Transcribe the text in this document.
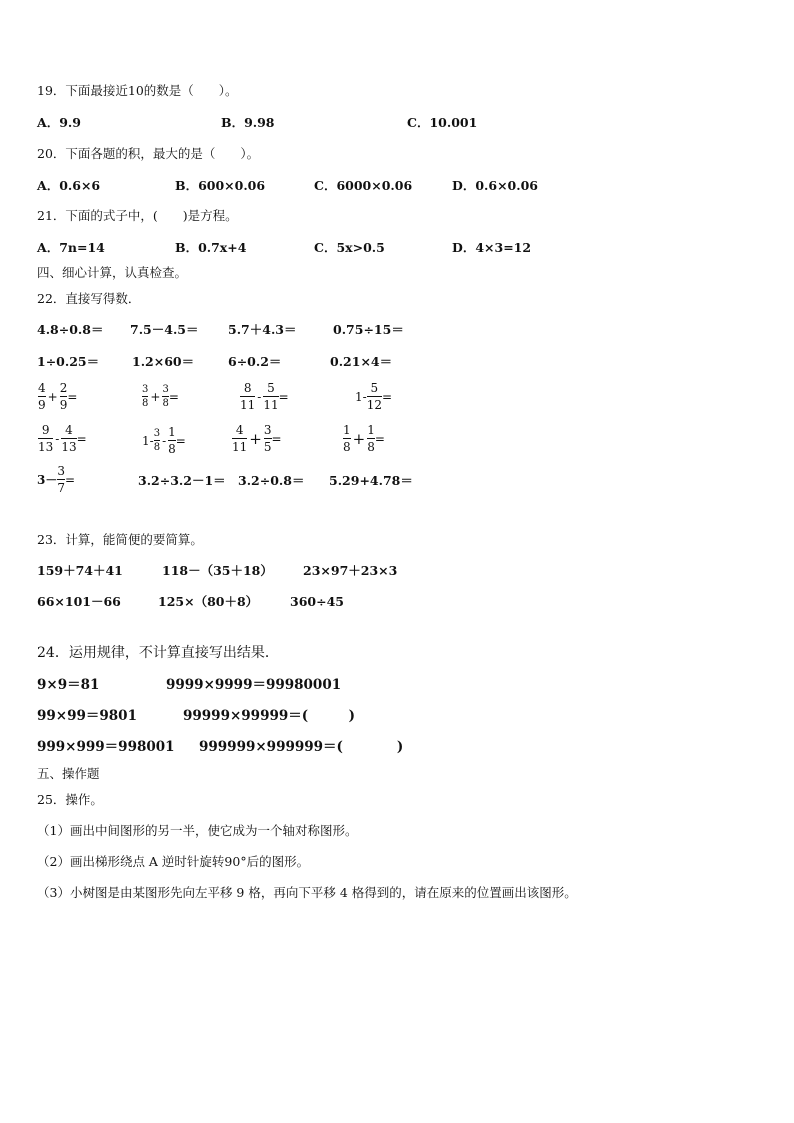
19．下面最接近10的数是（　　）。
A．9.9	B．9.98	C．10.001
20．下面各题的积，最大的是（　　）。
A．0.6×6	B．600×0.06	C．6000×0.06	D．0.6×0.06
21．下面的式子中，(　　)是方程。
A．7n=14	B．0.7x+4	C．5x>0.5	D．4×3=12
四、细心计算，认真检查。
22．直接写得数．
4.8÷0.8＝ 7.5－4.5＝ 5.7＋4.3＝	0.75÷15＝
1÷0.25＝	1.2×60＝	6÷0.2＝	0.21×4＝
$\frac{4}{9} + \frac{2}{9}$ =	$\frac{3}{8} + \frac{3}{8}$ =	$\frac{8}{11} - \frac{5}{11}$ =	$1- \frac{5}{12}$ =
$\frac{9}{13} - \frac{4}{13}$ =	$1- \frac{3}{8} - \frac{1}{8}$ =	$\frac{4}{11} + \frac{3}{5}$ =	$\frac{1}{8} + \frac{1}{8}$ =
$3- \frac{3}{7}$ =	3.2÷3.2－1＝ 3.2÷0.8＝ 5.29+4.78＝
23．计算，能简便的要简算。
159＋74＋41	118－（35＋18） 23×97＋23×3
66×101－66	125×（80＋8）	360÷45
24．运用规律，不计算直接写出结果．
9×9＝81	9999×9999＝99980001
99×99＝9801	99999×99999＝(　　　)
999×999＝998001 999999×999999＝(　　　　)
五、操作题
25．操作。
（1）画出中间图形的另一半，使它成为一个轴对称图形。
（2）画出梯形绕点 A 逆时针旋转90°后的图形。
（3）小树图是由某图形先向左平移 9 格，再向下平移 4 格得到的，请在原来的位置画出该图形。
